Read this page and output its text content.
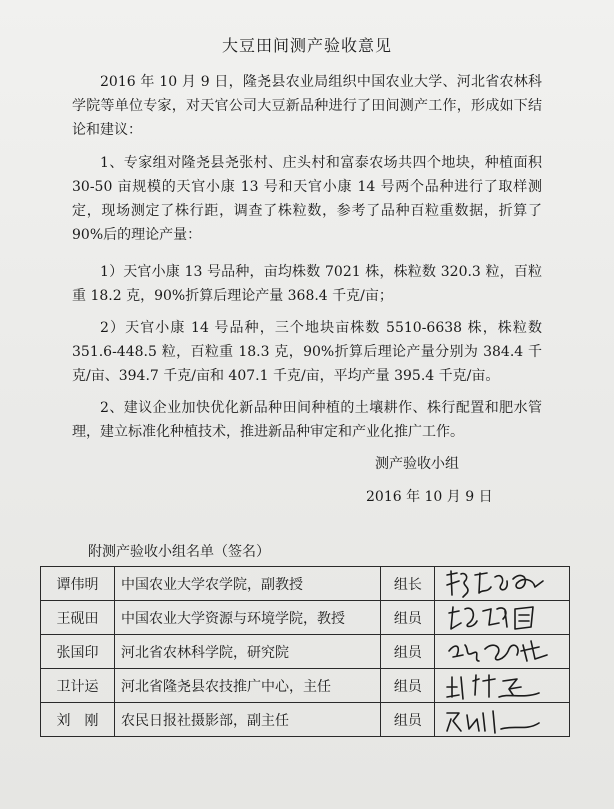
大豆田间测产验收意见
2016 年 10 月 9 日，隆尧县农业局组织中国农业大学、河北省农林科学院等单位专家，对天官公司大豆新品种进行了田间测产工作，形成如下结论和建议：
1、专家组对隆尧县尧张村、庄头村和富泰农场共四个地块，种植面积 30-50 亩规模的天官小康 13 号和天官小康 14 号两个品种进行了取样测定，现场测定了株行距，调查了株粒数，参考了品种百粒重数据，折算了 90%后的理论产量：
1）天官小康 13 号品种，亩均株数 7021 株，株粒数 320.3 粒，百粒重 18.2 克，90%折算后理论产量 368.4 千克/亩；
2）天官小康 14 号品种，三个地块亩株数 5510-6638 株，株粒数 351.6-448.5 粒，百粒重 18.3 克，90%折算后理论产量分别为 384.4 千克/亩、394.7 千克/亩和 407.1 千克/亩，平均产量 395.4 千克/亩。
2、建议企业加快优化新品种田间种植的土壤耕作、株行配置和肥水管理，建立标准化种植技术，推进新品种审定和产业化推广工作。
测产验收小组
2016 年 10 月 9 日
附测产验收小组名单（签名）
谭伟明	中国农业大学农学院，副教授	组长	

王砚田	中国农业大学资源与环境学院，教授	组员	

张国印	河北省农林科学院，研究院	组员	

卫计运	河北省隆尧县农技推广中心，主任	组员	

刘　刚	农民日报社摄影部，副主任	组员	
